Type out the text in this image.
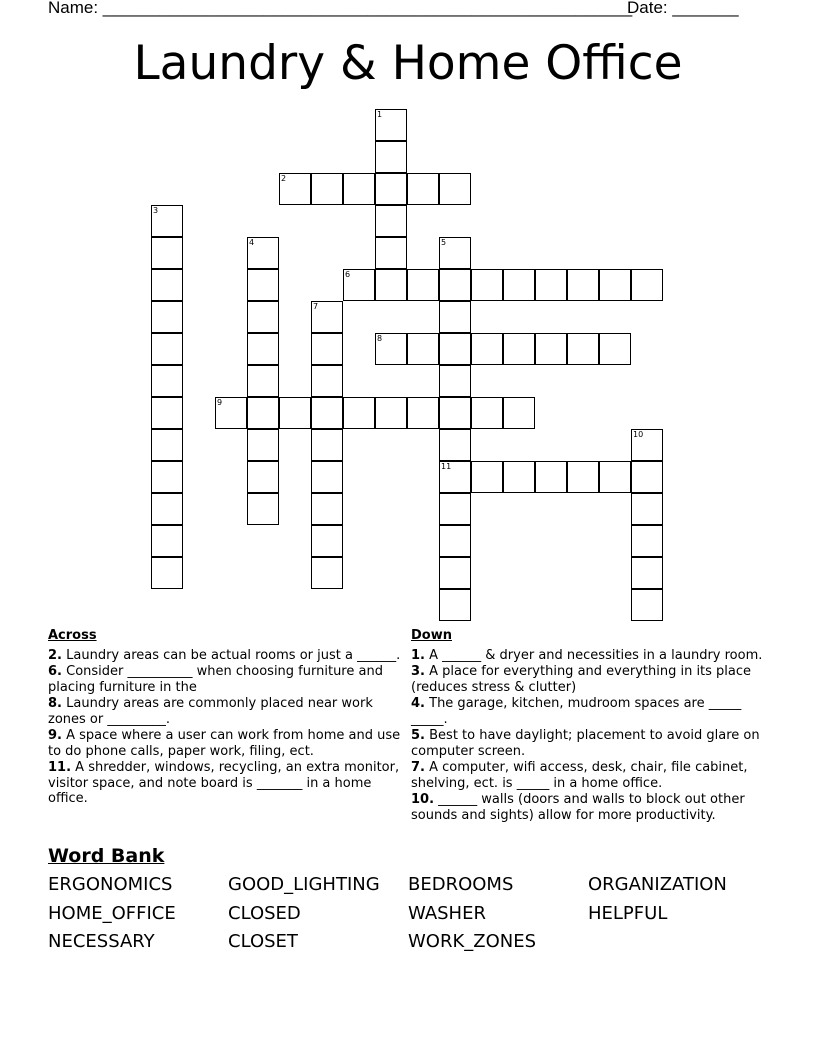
Name: ________________________________________________________
Date: _______
Laundry & Home Office
1
2
3
4	5
11
6
7
8
9
10
Across
2. Laundry areas can be actual rooms or just a ______.
6. Consider __________ when choosing furniture and placing furniture in the
8. Laundry areas are commonly placed near work zones or _________.
9. A space where a user can work from home and use to do phone calls, paper work, filing, ect.
11. A shredder, windows, recycling, an extra monitor, visitor space, and note board is _______ in a home office.
Down
1. A ______ & dryer and necessities in a laundry room.
3. A place for everything and everything in its place (reduces stress & clutter)
4. The garage, kitchen, mudroom spaces are _____ _____.
5. Best to have daylight; placement to avoid glare on computer screen.
7. A computer, wifi access, desk, chair, file cabinet, shelving, ect. is _____ in a home office.
10. ______ walls (doors and walls to block out other sounds and sights) allow for more productivity.
Word Bank
ERGONOMICS	GOOD_LIGHTING BEDROOMS	ORGANIZATION
HOME_OFFICE	CLOSED	WASHER	HELPFUL
NECESSARY	CLOSET	WORK_ZONES
